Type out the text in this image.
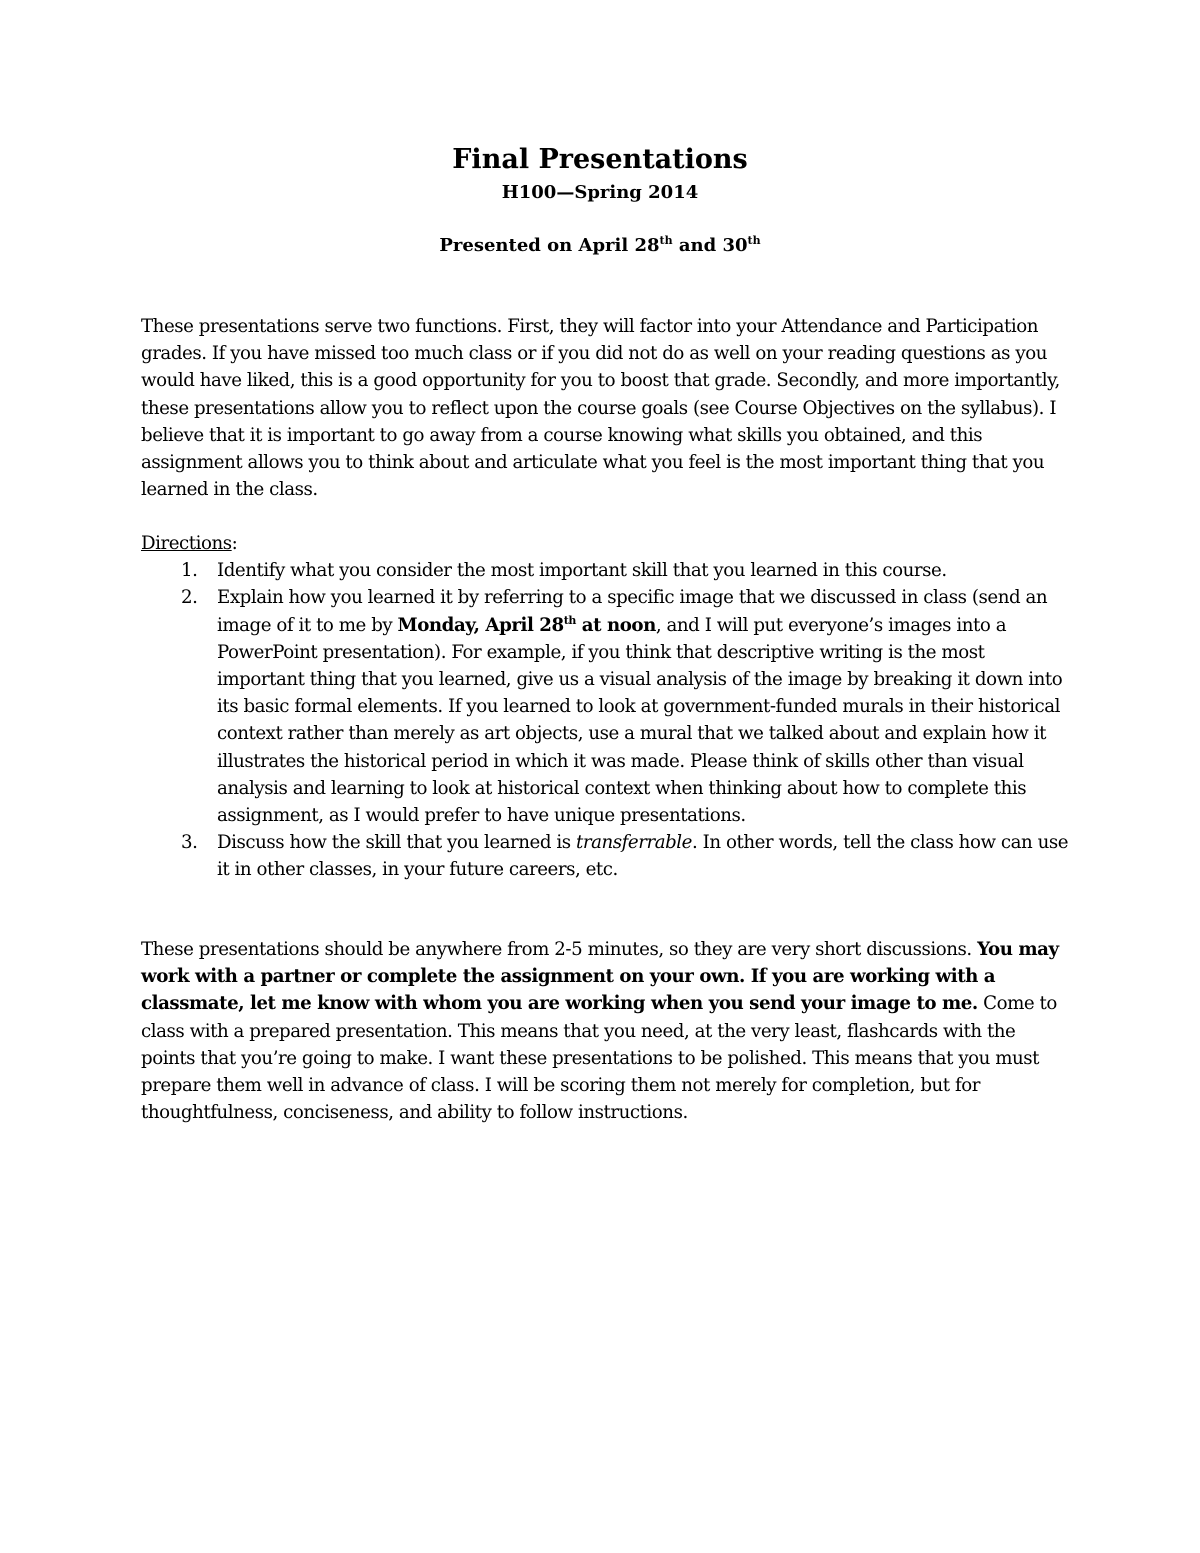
Final Presentations
H100—Spring 2014
Presented on April 28th and 30th
These presentations serve two functions. First, they will factor into your Attendance and Participation grades. If you have missed too much class or if you did not do as well on your reading questions as you would have liked, this is a good opportunity for you to boost that grade. Secondly, and more importantly, these presentations allow you to reflect upon the course goals (see Course Objectives on the syllabus). I believe that it is important to go away from a course knowing what skills you obtained, and this assignment allows you to think about and articulate what you feel is the most important thing that you learned in the class.
Directions:
1. Identify what you consider the most important skill that you learned in this course.
2. Explain how you learned it by referring to a specific image that we discussed in class (send an image of it to me by Monday, April 28th at noon, and I will put everyone’s images into a PowerPoint presentation). For example, if you think that descriptive writing is the most important thing that you learned, give us a visual analysis of the image by breaking it down into its basic formal elements. If you learned to look at government-funded murals in their historical context rather than merely as art objects, use a mural that we talked about and explain how it illustrates the historical period in which it was made. Please think of skills other than visual analysis and learning to look at historical context when thinking about how to complete this assignment, as I would prefer to have unique presentations.
3. Discuss how the skill that you learned is transferrable. In other words, tell the class how can use it in other classes, in your future careers, etc.
These presentations should be anywhere from 2-5 minutes, so they are very short discussions. You may work with a partner or complete the assignment on your own. If you are working with a classmate, let me know with whom you are working when you send your image to me. Come to class with a prepared presentation. This means that you need, at the very least, flashcards with the points that you’re going to make. I want these presentations to be polished. This means that you must prepare them well in advance of class. I will be scoring them not merely for completion, but for thoughtfulness, conciseness, and ability to follow instructions.
